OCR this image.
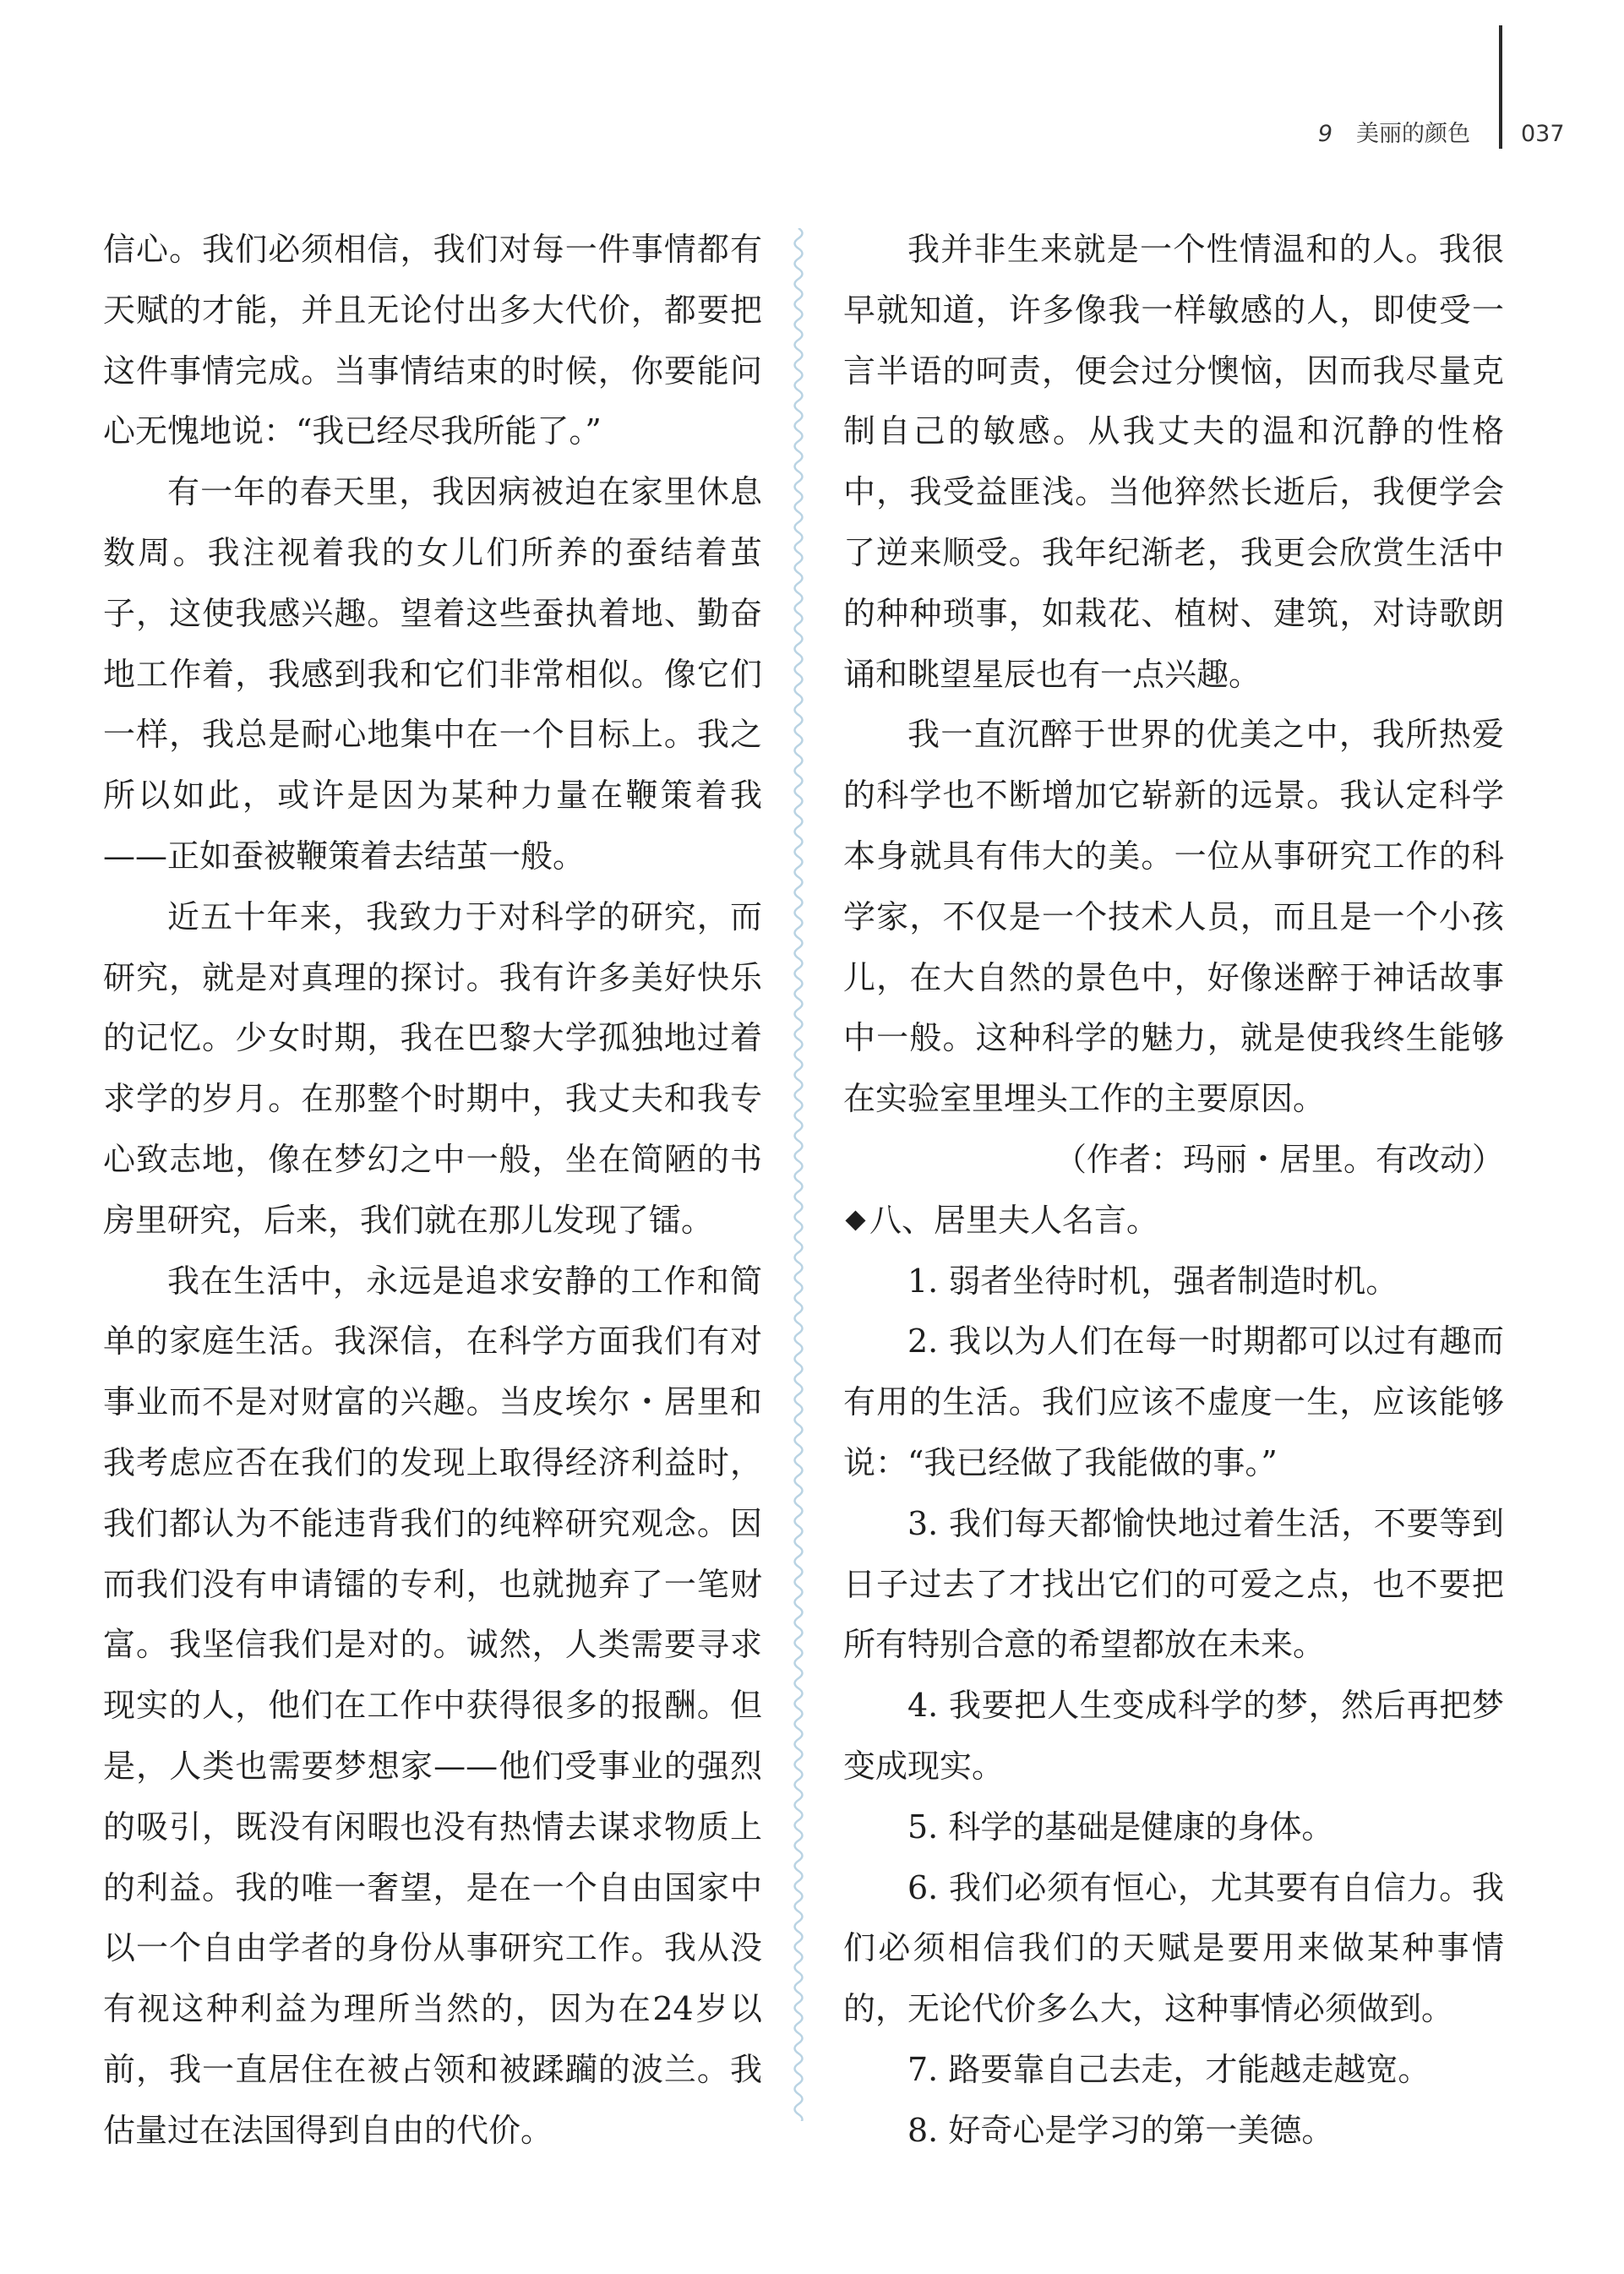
9 美丽的颜色 037

信心。我们必须相信，我们对每一件事情都有天赋的才能，并且无论付出多大代价，都要把这件事情完成。当事情结束的时候，你要能问心无愧地说：“我已经尽我所能了。”

有一年的春天里，我因病被迫在家里休息数周。我注视着我的女儿们所养的蚕结着茧子，这使我感兴趣。望着这些蚕执着地、勤奋地工作着，我感到我和它们非常相似。像它们一样，我总是耐心地集中在一个目标上。我之所以如此，或许是因为某种力量在鞭策着我——正如蚕被鞭策着去结茧一般。

近五十年来，我致力于对科学的研究，而研究，就是对真理的探讨。我有许多美好快乐的记忆。少女时期，我在巴黎大学孤独地过着求学的岁月。在那整个时期中，我丈夫和我专心致志地，像在梦幻之中一般，坐在简陋的书房里研究，后来，我们就在那儿发现了镭。

我在生活中，永远是追求安静的工作和简单的家庭生活。我深信，在科学方面我们有对事业而不是对财富的兴趣。当皮埃尔・居里和我考虑应否在我们的发现上取得经济利益时，我们都认为不能违背我们的纯粹研究观念。因而我们没有申请镭的专利，也就抛弃了一笔财富。我坚信我们是对的。诚然，人类需要寻求现实的人，他们在工作中获得很多的报酬。但是，人类也需要梦想家——他们受事业的强烈的吸引，既没有闲暇也没有热情去谋求物质上的利益。我的唯一奢望，是在一个自由国家中以一个自由学者的身份从事研究工作。我从没有视这种利益为理所当然的，因为在24岁以前，我一直居住在被占领和被蹂躏的波兰。我估量过在法国得到自由的代价。

我并非生来就是一个性情温和的人。我很早就知道，许多像我一样敏感的人，即使受一言半语的呵责，便会过分懊恼，因而我尽量克制自己的敏感。从我丈夫的温和沉静的性格中，我受益匪浅。当他猝然长逝后，我便学会了逆来顺受。我年纪渐老，我更会欣赏生活中的种种琐事，如栽花、植树、建筑，对诗歌朗诵和眺望星辰也有一点兴趣。

我一直沉醉于世界的优美之中，我所热爱的科学也不断增加它崭新的远景。我认定科学本身就具有伟大的美。一位从事研究工作的科学家，不仅是一个技术人员，而且是一个小孩儿，在大自然的景色中，好像迷醉于神话故事中一般。这种科学的魅力，就是使我终生能够在实验室里埋头工作的主要原因。

（作者：玛丽・居里。有改动）

八、居里夫人名言。

1. 弱者坐待时机，强者制造时机。

2. 我以为人们在每一时期都可以过有趣而有用的生活。我们应该不虚度一生，应该能够说：“我已经做了我能做的事。”

3. 我们每天都愉快地过着生活，不要等到日子过去了才找出它们的可爱之点，也不要把所有特别合意的希望都放在未来。

4. 我要把人生变成科学的梦，然后再把梦变成现实。

5. 科学的基础是健康的身体。

6. 我们必须有恒心，尤其要有自信力。我们必须相信我们的天赋是要用来做某种事情的，无论代价多么大，这种事情必须做到。

7. 路要靠自己去走，才能越走越宽。

8. 好奇心是学习的第一美德。
